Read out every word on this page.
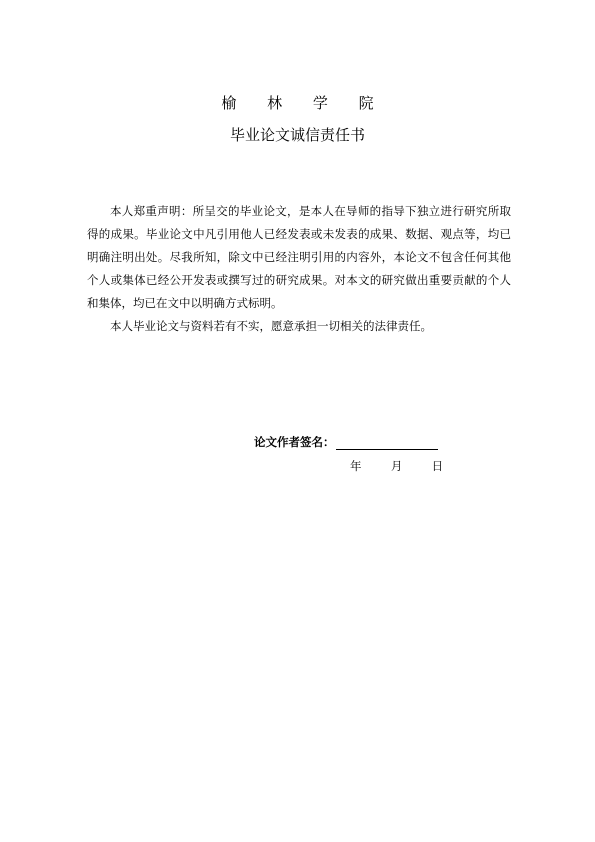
榆 林 学 院
毕业论文诚信责任书

本人郑重声明：所呈交的毕业论文，是本人在导师的指导下独立进行研究所取得的成果。毕业论文中凡引用他人已经发表或未发表的成果、数据、观点等，均已明确注明出处。尽我所知，除文中已经注明引用的内容外，本论文不包含任何其他个人或集体已经公开发表或撰写过的研究成果。对本文的研究做出重要贡献的个人和集体，均已在文中以明确方式标明。

本人毕业论文与资料若有不实，愿意承担一切相关的法律责任。

论文作者签名：
年	月	日
